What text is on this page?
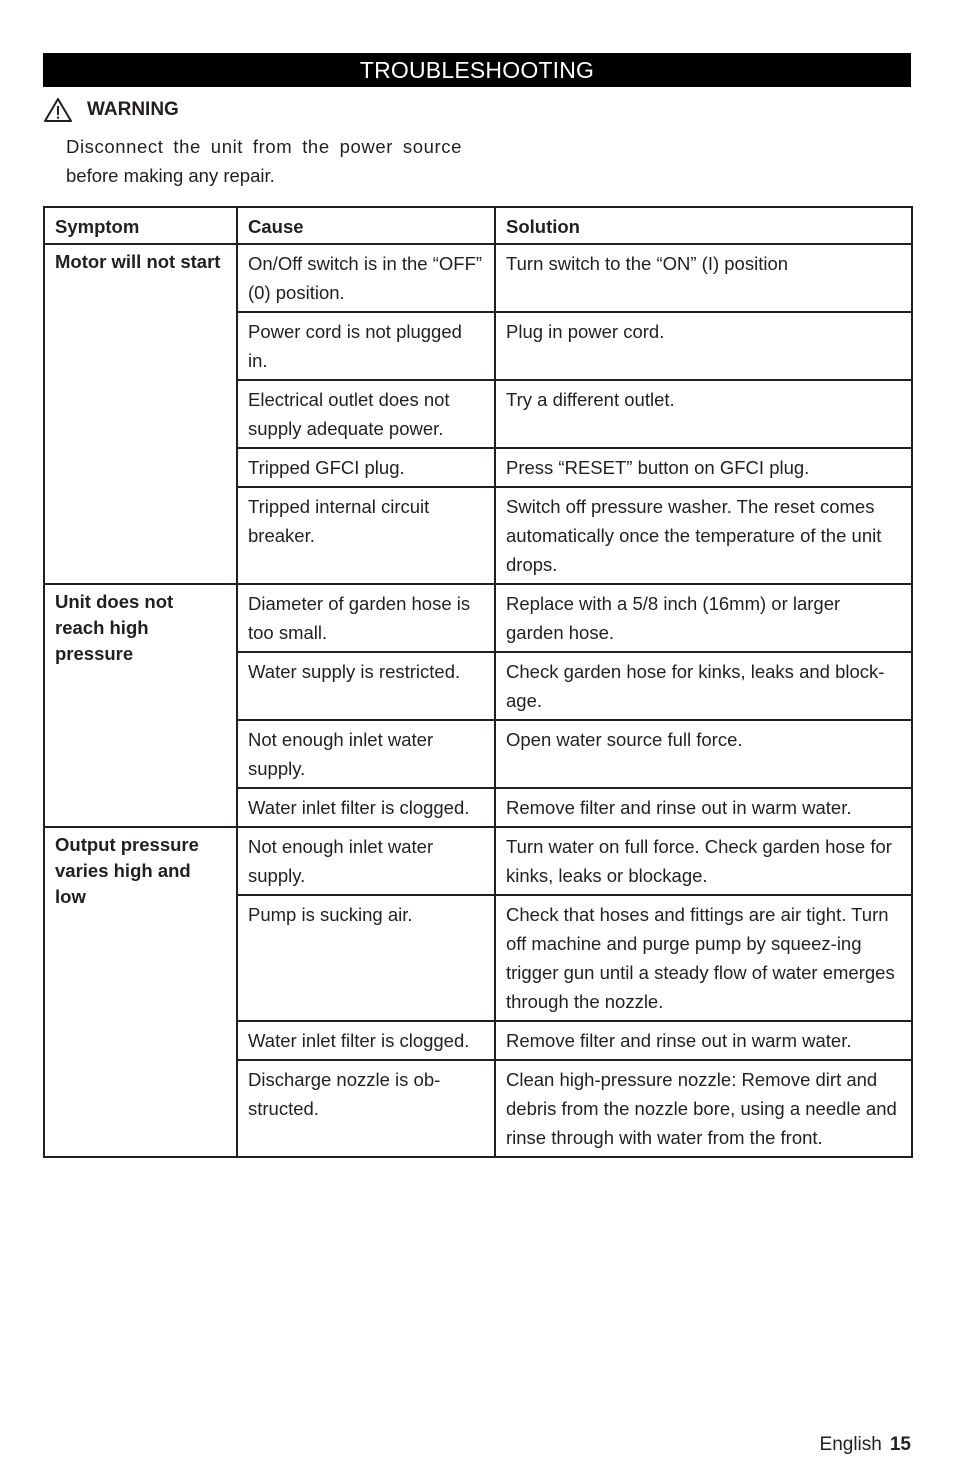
TROUBLESHOOTING
WARNING
Disconnect the unit from the power source
before making any repair.
Symptom	Cause	Solution
Motor will not start	On/Off switch is in the “OFF” (0) position.	Turn switch to the “ON” (I) position
	Power cord is not plugged in.	Plug in power cord.
	Electrical outlet does not supply adequate power.	Try a different outlet.
	Tripped GFCI plug.	Press “RESET” button on GFCI plug.
	Tripped internal circuit breaker.	Switch off pressure washer. The reset comes automatically once the temperature of the unit drops.
Unit does not reach high pressure	Diameter of garden hose is too small.	Replace with a 5/8 inch (16mm) or larger garden hose.
	Water supply is restricted.	Check garden hose for kinks, leaks and block-age.
	Not enough inlet water supply.	Open water source full force.
	Water inlet filter is clogged.	Remove filter and rinse out in warm water.
Output pressure varies high and low	Not enough inlet water supply.	Turn water on full force. Check garden hose for kinks, leaks or blockage.
	Pump is sucking air.	Check that hoses and fittings are air tight. Turn off machine and purge pump by squeez-ing trigger gun until a steady flow of water emerges through the nozzle.
	Water inlet filter is clogged.	Remove filter and rinse out in warm water.
	Discharge nozzle is ob-structed.	Clean high-pressure nozzle: Remove dirt and debris from the nozzle bore, using a needle and rinse through with water from the front.
English 15
